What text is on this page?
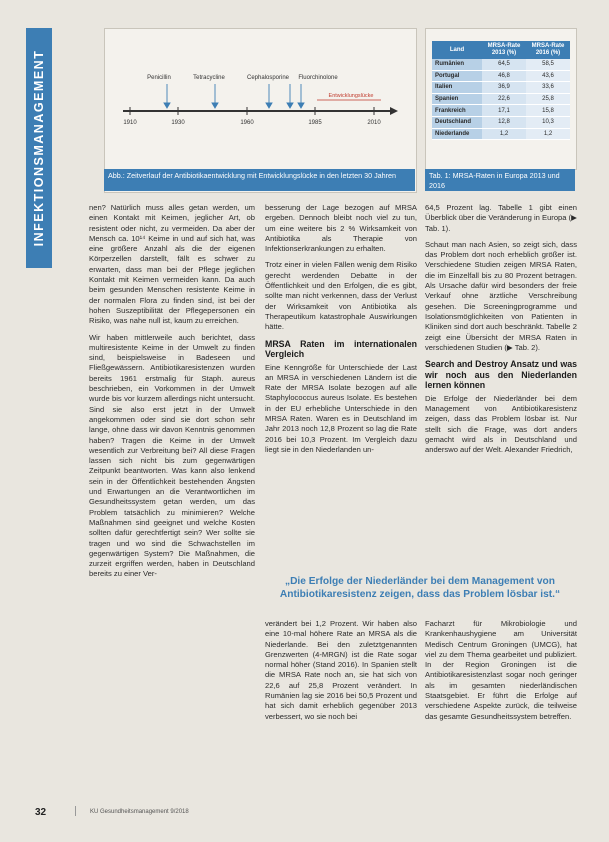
INFEKTIONSMANAGEMENT	Penicillin	Tetracycline	Cephalosporine Fluorchinolone
Entwicklungslücke
1910	1930	1960	1985	2010
Abb.: Zeitverlauf der Antibiotikaentwicklung mit Entwicklungslücke in den letzten 30 Jahren
Land	MRSA-Rate 2013 (%)	MRSA-Rate 2016 (%)
Rumänien	64,5	58,5
Portugal	46,8	43,6
Italien	36,9	33,6
Spanien	22,6	25,8
Frankreich	17,1	15,8
Deutschland	12,8	10,3
Niederlande	1,2	1,2
Tab. 1: MRSA-Raten in Europa 2013 und 2016

nen? Natürlich muss alles getan werden, um einen Kontakt mit Keimen, jeglicher Art, ob resistent oder nicht, zu vermeiden. Da aber der Mensch ca. 10¹⁴ Keime in und auf sich hat, was eine größere Anzahl als die der eigenen Körperzellen darstellt, fällt es schwer zu erwarten, dass man bei der Pflege jeglichen Kontakt mit Keimen vermeiden kann. Da auch beim gesunden Menschen resistente Keime in der normalen Flora zu finden sind, ist bei der hohen Suszeptibilität der Pflegepersonen ein Risiko, was nahe null ist, kaum zu erreichen.

Wir haben mittlerweile auch berichtet, dass multiresistente Keime in der Umwelt zu finden sind, beispielsweise in Badeseen und Fließgewässern. Antibiotikaresistenzen wurden bereits 1961 erstmalig für Staph. aureus beschrieben, ein Vorkommen in der Umwelt wurde bis vor kurzem allerdings nicht untersucht. Sind sie also erst jetzt in der Umwelt angekommen oder sind sie dort schon sehr lange, ohne dass wir davon Kenntnis genommen haben? Tragen die Keime in der Umwelt wesentlich zur Verbreitung bei? All diese Fragen lassen sich nicht bis zum gegenwärtigen Zeitpunkt beantworten. Was kann also lenkend sein in der Öffentlichkeit bestehenden Ängsten und Erwartungen an die Verantwortlichen im Gesundheitssystem getan werden, um das Problem tatsächlich zu minimieren? Welche Maßnahmen sind geeignet und welche Kosten sollten dafür gerechtfertigt sein? Wer sollte sie tragen und wo sind die Schwachstellen im gegenwärtigen System? Die Maßnahmen, die zurzeit ergriffen werden, haben in Deutschland bereits zu einer Ver-

besserung der Lage bezogen auf MRSA ergeben. Dennoch bleibt noch viel zu tun, um eine weitere bis 2 % Wirksamkeit von Antibiotika als Therapie von Infektionserkrankungen zu erhalten.

Trotz einer in vielen Fällen wenig dem Risiko gerecht werdenden Debatte in der Öffentlichkeit und den Erfolgen, die es gibt, sollte man nicht verkennen, dass der Verlust der Wirksamkeit von Antibiotika als Therapeutikum katastrophale Auswirkungen hätte.

MRSA Raten im internationalen Vergleich

Eine Kenngröße für Unterschiede der Last an MRSA in verschiedenen Ländern ist die Rate der MRSA Isolate bezogen auf alle Staphylococcus aureus Isolate. Es bestehen in der EU erhebliche Unterschiede in den MRSA Raten. Waren es in Deutschland im Jahr 2013 noch 12,8 Prozent so lag die Rate 2016 bei 10,3 Prozent. Im Vergleich dazu liegt sie in den Niederlanden un-

64,5 Prozent lag. Tabelle 1 gibt einen Überblick über die Veränderung in Europa (▶ Tab. 1).

Schaut man nach Asien, so zeigt sich, dass das Problem dort noch erheblich größer ist. Verschiedene Studien zeigen MRSA Raten, die im Einzelfall bis zu 80 Prozent betragen. Als Ursache dafür wird besonders der freie Verkauf ohne ärztliche Verschreibung gesehen. Die Screeningprogramme und Isolationsmöglichkeiten von Patienten in Kliniken sind dort auch beschränkt. Tabelle 2 zeigt eine Übersicht der MRSA Raten in verschiedenen Studien (▶ Tab. 2).

Search and Destroy Ansatz und was wir noch aus den Niederlanden lernen können

Die Erfolge der Niederländer bei dem Management von Antibiotikaresistenz zeigen, dass das Problem lösbar ist. Nur stellt sich die Frage, was dort anders gemacht wird als in Deutschland und anderswo auf der Welt. Alexander Friedrich,

„Die Erfolge der Niederländer bei dem Management von Antibiotikaresistenz zeigen, dass das Problem lösbar ist.“

verändert bei 1,2 Prozent. Wir haben also eine 10-mal höhere Rate an MRSA als die Niederlande. Bei den zuletztgenannten Grenzwerten (4-MRGN) ist die Rate sogar normal höher (Stand 2016). In Spanien stellt die MRSA Rate noch an, sie hat sich von 22,6 auf 25,8 Prozent verändert. In Rumänien lag sie 2016 bei 50,5 Prozent und hat sich damit erheblich gegenüber 2013 verbessert, wo sie noch bei

Facharzt für Mikrobiologie und Krankenhaushygiene am Universität Medisch Centrum Groningen (UMCG), hat viel zu dem Thema gearbeitet und publiziert. In der Region Groningen ist die Antibiotikaresistenzlast sogar noch geringer als im gesamten niederländischen Staatsgebiet. Er führt die Erfolge auf verschiedene Aspekte zurück, die teilweise das gesamte Gesundheitssystem betreffen.

32	KU Gesundheitsmanagement 9/2018
